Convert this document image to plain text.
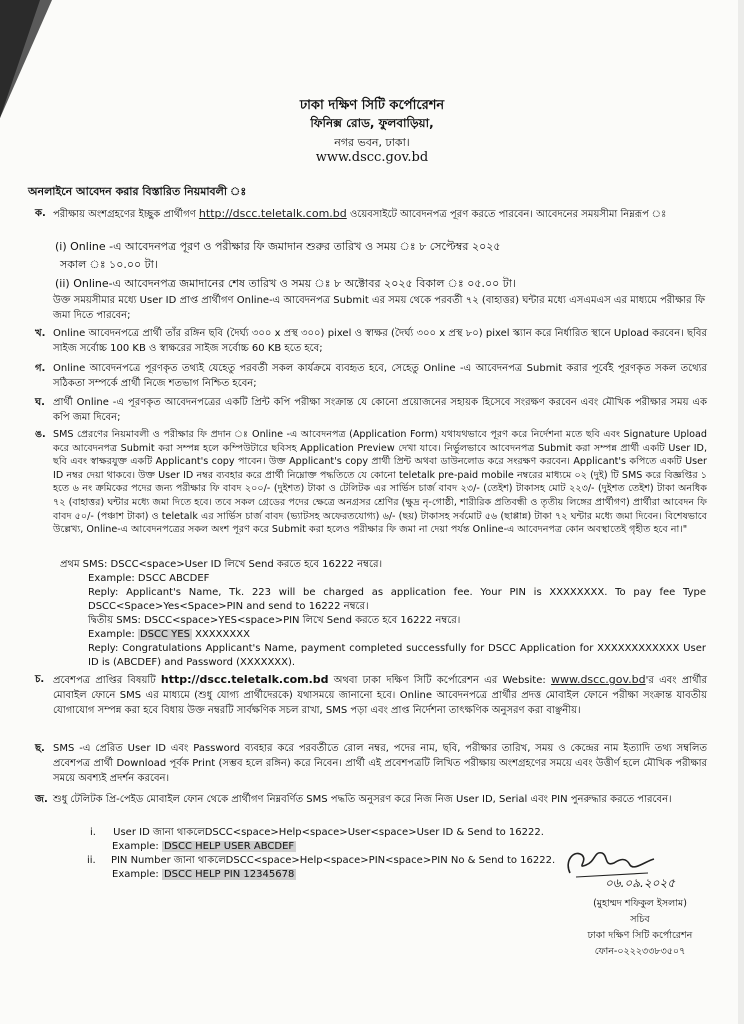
ঢাকা দক্ষিণ সিটি কর্পোরেশন
ফিনিক্স রোড, ফুলবাড়িয়া,
নগর ভবন, ঢাকা।
www.dscc.gov.bd
অনলাইনে আবেদন করার বিস্তারিত নিয়মাবলী ঃ
ক. পরীক্ষায় অংশগ্রহণের ইচ্ছুক প্রার্থীগণ http://dscc.teletalk.com.bd ওয়েবসাইটে আবেদনপত্র পূরণ করতে পারবেন। আবেদনের সময়সীমা নিম্নরূপ ঃ
(i) Online -এ আবেদনপত্র পূরণ ও পরীক্ষার ফি জমাদান শুরুর তারিখ ও সময় ঃ ৮ সেপ্টেম্বর ২০২৫
সকাল ঃ ১০.০০ টা।
(ii) Online-এ আবেদনপত্র জমাদানের শেষ তারিখ ও সময় ঃ ৮ অক্টোবর ২০২৫ বিকাল ঃ ০৫.০০ টা।
উক্ত সময়সীমার মধ্যে User ID প্রাপ্ত প্রার্থীগণ Online-এ আবেদনপত্র Submit এর সময় থেকে পরবর্তী ৭২ (বাহাত্তর) ঘন্টার মধ্যে এসএমএস এর মাধ্যমে পরীক্ষার ফি জমা দিতে পারবেন;
খ. Online আবেদনপত্রে প্রার্থী তাঁর রঙ্গিন ছবি (দৈর্ঘ্য ৩০০ x প্রস্থ ৩০০) pixel ও স্বাক্ষর (দৈর্ঘ্য ৩০০ x প্রস্থ ৮০) pixel স্ক্যান করে নির্ধারিত স্থানে Upload করবেন। ছবির সাইজ সর্বোচ্চ 100 KB ও স্বাক্ষরের সাইজ সর্বোচ্চ 60 KB হতে হবে;
গ. Online আবেদনপত্রে পূরণকৃত তথ্যই যেহেতু পরবর্তী সকল কার্যক্রমে ব্যবহৃত হবে, সেহেতু Online -এ আবেদনপত্র Submit করার পূর্বেই পূরণকৃত সকল তথ্যের সঠিকতা সম্পর্কে প্রার্থী নিজে শতভাগ নিশ্চিত হবেন;
ঘ. প্রার্থী Online -এ পূরণকৃত আবেদনপত্রের একটি প্রিন্ট কপি পরীক্ষা সংক্রান্ত যে কোনো প্রয়োজনের সহায়ক হিসেবে সংরক্ষণ করবেন এবং মৌখিক পরীক্ষার সময় এক কপি জমা দিবেন;
ঙ. SMS প্রেরণের নিয়মাবলী ও পরীক্ষার ফি প্রদান ঃ Online -এ আবেদনপত্র (Application Form) যথাযথভাবে পূরণ করে নির্দেশনা মতে ছবি এবং Signature Upload করে আবেদনপত্র Submit করা সম্পন্ন হলে কম্পিউটারে ছবিসহ Application Preview দেখা যাবে। নির্ভুলভাবে আবেদনপত্র Submit করা সম্পন্ন প্রার্থী একটি User ID, ছবি এবং স্বাক্ষরযুক্ত একটি Applicant's copy পাবেন। উক্ত Applicant's copy প্রার্থী প্রিন্ট অথবা ডাউনলোড করে সংরক্ষণ করবেন। Applicant's কপিতে একটি User ID নম্বর দেয়া থাকবে। উক্ত User ID নম্বর ব্যবহার করে প্রার্থী নিম্নোক্ত পদ্ধতিতে যে কোনো teletalk pre-paid mobile নম্বরের মাধ্যমে ০২ (দুই) টি SMS করে বিজ্ঞপ্তির ১ হতে ৬ নং ক্রমিকের পদের জন্য পরীক্ষার ফি বাবদ ২০০/- (দুইশত) টাকা ও টেলিটক এর সার্ভিস চার্জ বাবদ ২৩/- (তেইশ) টাকাসহ মোট ২২৩/- (দুইশত তেইশ) টাকা অনধিক ৭২ (বাহাত্তর) ঘন্টার মধ্যে জমা দিতে হবে। তবে সকল গ্রেডের পদের ক্ষেত্রে অনগ্রসর শ্রেণির (ক্ষুদ্র নৃ-গোষ্ঠী, শারীরিক প্রতিবন্ধী ও তৃতীয় লিঙ্গের প্রার্থীগণ) প্রার্থীরা আবেদন ফি বাবদ ৫০/- (পঞ্চাশ টাকা) ও teletalk এর সার্ভিস চার্জ বাবদ (ভ্যাটসহ অফেরতযোগ্য) ৬/- (ছয়) টাকাসহ সর্বমোট ৫৬ (ছাপ্পান্ন) টাকা ৭২ ঘন্টার মধ্যে জমা দিবেন। বিশেষভাবে উল্লেখ্য, Online-এ আবেদনপত্রের সকল অংশ পূরণ করে Submit করা হলেও পরীক্ষার ফি জমা না দেয়া পর্যন্ত Online-এ আবেদনপত্র কোন অবস্থাতেই গৃহীত হবে না।"
প্রথম SMS: DSCC<space>User ID লিখে Send করতে হবে 16222 নম্বরে।
Example: DSCC ABCDEF
Reply: Applicant's Name, Tk. 223 will be charged as application fee. Your PIN is XXXXXXXX. To pay fee Type DSCC<Space>Yes<Space>PIN and send to 16222 নম্বরে।
দ্বিতীয় SMS: DSCC<space>YES<space>PIN লিখে Send করতে হবে 16222 নম্বরে।
Example: DSCC YES XXXXXXXX
Reply: Congratulations Applicant's Name, payment completed successfully for DSCC Application for XXXXXXXXXXXX User ID is (ABCDEF) and Password (XXXXXXX).
চ. প্রবেশপত্র প্রাপ্তির বিষয়টি http://dscc.teletalk.com.bd অথবা ঢাকা দক্ষিণ সিটি কর্পোরেশন এর Website: www.dscc.gov.bd'র এবং প্রার্থীর মোবাইল ফোনে SMS এর মাধ্যমে (শুধু যোগ্য প্রার্থীদেরকে) যথাসময়ে জানানো হবে। Online আবেদনপত্রে প্রার্থীর প্রদত্ত মোবাইল ফোনে পরীক্ষা সংক্রান্ত যাবতীয় যোগাযোগ সম্পন্ন করা হবে বিধায় উক্ত নম্বরটি সার্বক্ষণিক সচল রাখা, SMS পড়া এবং প্রাপ্ত নির্দেশনা তাৎক্ষণিক অনুসরণ করা বাঞ্ছনীয়।
ছ. SMS -এ প্রেরিত User ID এবং Password ব্যবহার করে পরবর্তীতে রোল নম্বর, পদের নাম, ছবি, পরীক্ষার তারিখ, সময় ও কেন্দ্রের নাম ইত্যাদি তথ্য সম্বলিত প্রবেশপত্র প্রার্থী Download পূর্বক Print (সম্ভব হলে রঙ্গিন) করে নিবেন। প্রার্থী এই প্রবেশপত্রটি লিখিত পরীক্ষায় অংশগ্রহণের সময়ে এবং উত্তীর্ণ হলে মৌখিক পরীক্ষার সময়ে অবশ্যই প্রদর্শন করবেন।
জ. শুধু টেলিটক প্রি-পেইড মোবাইল ফোন থেকে প্রার্থীগণ নিম্নবর্ণিত SMS পদ্ধতি অনুসরণ করে নিজ নিজ User ID, Serial এবং PIN পুনরুদ্ধার করতে পারবেন।
i. User ID জানা থাকলেDSCC<space>Help<space>User<space>User ID & Send to 16222.
Example: DSCC HELP USER ABCDEF
ii. PIN Number জানা থাকলেDSCC<space>Help<space>PIN<space>PIN No & Send to 16222.
Example: DSCC HELP PIN 12345678
০৬.০৯.২০২৫
(মুহাম্মদ শফিকুল ইসলাম)
সচিব
ঢাকা দক্ষিণ সিটি কর্পোরেশন
ফোন-০২২২৩৩৮৩৫০৭
